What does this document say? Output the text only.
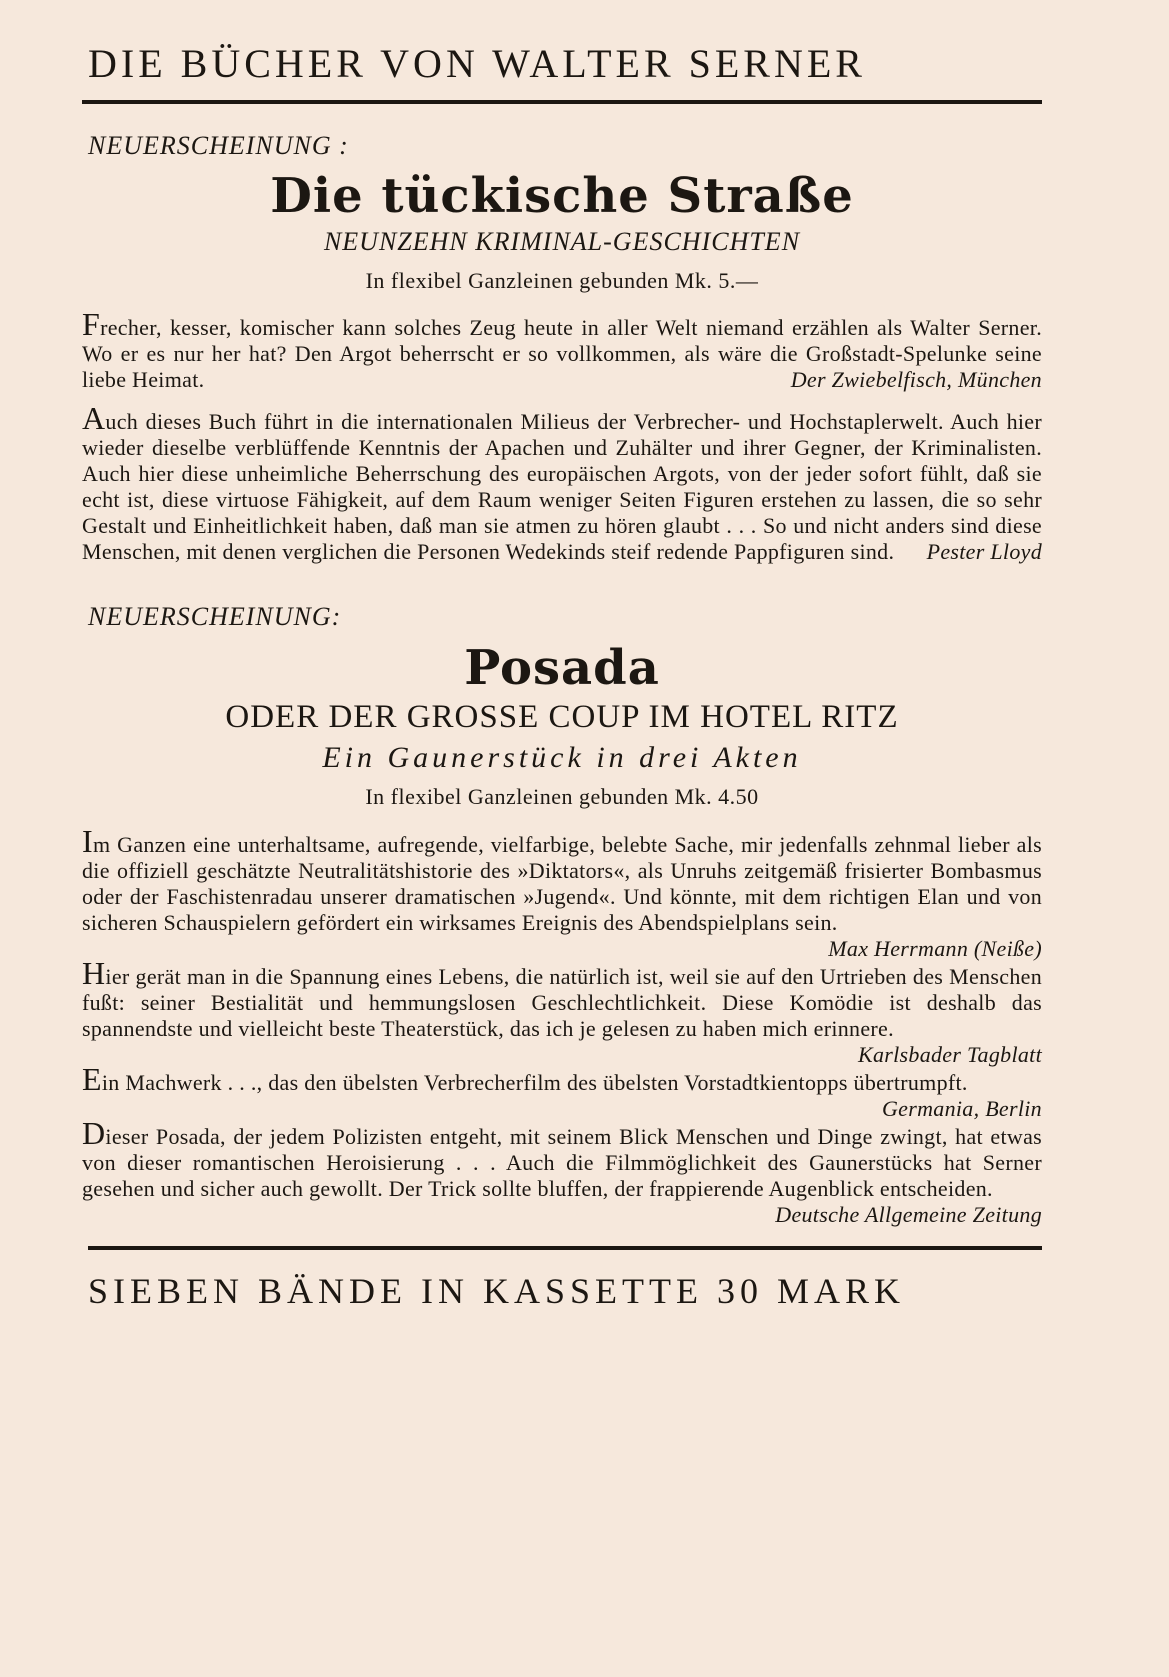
DIE BÜCHER VON WALTER SERNER
NEUERSCHEINUNG :
Die tückische Straße
NEUNZEHN KRIMINAL-GESCHICHTEN
In flexibel Ganzleinen gebunden Mk. 5.—

Frecher, kesser, komischer kann solches Zeug heute in aller Welt niemand erzählen als Walter Serner. Wo er es nur her hat? Den Argot beherrscht er so vollkommen, als wäre die Großstadt-Spelunke seine liebe Heimat.	Der Zwiebelfisch, München

Auch dieses Buch führt in die internationalen Milieus der Verbrecher- und Hochstaplerwelt. Auch hier wieder dieselbe verblüffende Kenntnis der Apachen und Zuhälter und ihrer Gegner, der Kriminalisten. Auch hier diese unheimliche Beherrschung des europäischen Argots, von der jeder sofort fühlt, daß sie echt ist, diese virtuose Fähigkeit, auf dem Raum weniger Seiten Figuren erstehen zu lassen, die so sehr Gestalt und Einheitlichkeit haben, daß man sie atmen zu hören glaubt . . . So und nicht anders sind diese Menschen, mit denen verglichen die Personen Wedekinds steif redende Pappfiguren sind. Pester Lloyd

NEUERSCHEINUNG:
Posada
ODER DER GROSSE COUP IM HOTEL RITZ
Ein Gaunerstück in drei Akten
In flexibel Ganzleinen gebunden Mk. 4.50

Im Ganzen eine unterhaltsame, aufregende, vielfarbige, belebte Sache, mir jedenfalls zehnmal lieber als die offiziell geschätzte Neutralitätshistorie des »Diktators«, als Unruhs zeitgemäß frisierter Bombasmus oder der Faschistenradau unserer dramatischen »Jugend«. Und könnte, mit dem richtigen Elan und von sicheren Schauspielern gefördert ein wirksames Ereignis des Abendspielplans sein.
Max Herrmann (Neiße)

Hier gerät man in die Spannung eines Lebens, die natürlich ist, weil sie auf den Urtrieben des Menschen fußt: seiner Bestialität und hemmungslosen Geschlechtlichkeit. Diese Komödie ist deshalb das spannendste und vielleicht beste Theaterstück, das ich je gelesen zu haben mich erinnere.
Karlsbader Tagblatt

Ein Machwerk . . ., das den übelsten Verbrecherfilm des übelsten Vorstadtkientopps übertrumpft.
Germania, Berlin

Dieser Posada, der jedem Polizisten entgeht, mit seinem Blick Menschen und Dinge zwingt, hat etwas von dieser romantischen Heroisierung . . . Auch die Filmmöglichkeit des Gaunerstücks hat Serner gesehen und sicher auch gewollt. Der Trick sollte bluffen, der frappierende Augenblick entscheiden.
Deutsche Allgemeine Zeitung

SIEBEN BÄNDE IN KASSETTE 30 MARK
